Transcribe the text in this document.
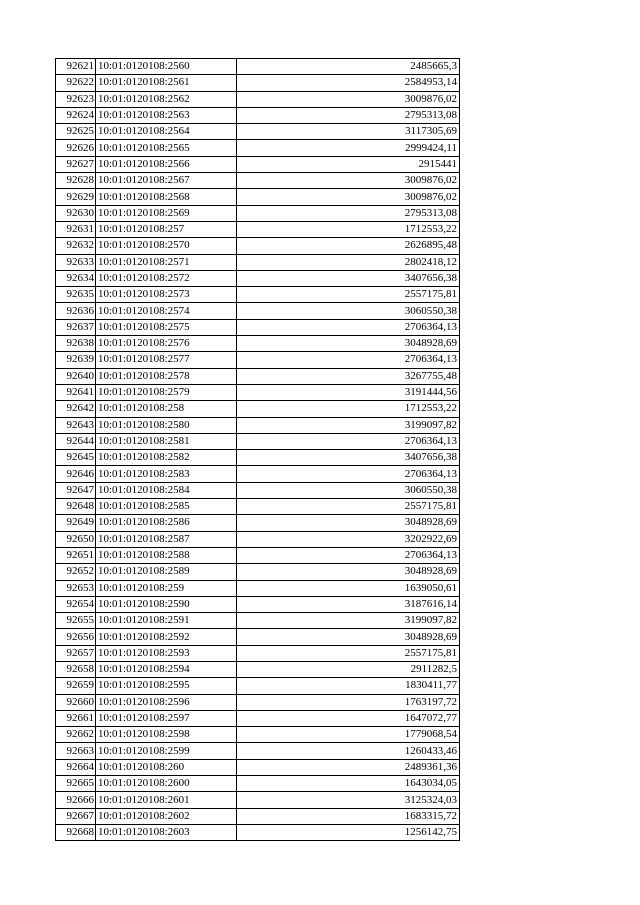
92621	10:01:0120108:2560	2485665,3
92622	10:01:0120108:2561	2584953,14
92623	10:01:0120108:2562	3009876,02
92624	10:01:0120108:2563	2795313,08
92625	10:01:0120108:2564	3117305,69
92626	10:01:0120108:2565	2999424,11
92627	10:01:0120108:2566	2915441
92628	10:01:0120108:2567	3009876,02
92629	10:01:0120108:2568	3009876,02
92630	10:01:0120108:2569	2795313,08
92631	10:01:0120108:257	1712553,22
92632	10:01:0120108:2570	2626895,48
92633	10:01:0120108:2571	2802418,12
92634	10:01:0120108:2572	3407656,38
92635	10:01:0120108:2573	2557175,81
92636	10:01:0120108:2574	3060550,38
92637	10:01:0120108:2575	2706364,13
92638	10:01:0120108:2576	3048928,69
92639	10:01:0120108:2577	2706364,13
92640	10:01:0120108:2578	3267755,48
92641	10:01:0120108:2579	3191444,56
92642	10:01:0120108:258	1712553,22
92643	10:01:0120108:2580	3199097,82
92644	10:01:0120108:2581	2706364,13
92645	10:01:0120108:2582	3407656,38
92646	10:01:0120108:2583	2706364,13
92647	10:01:0120108:2584	3060550,38
92648	10:01:0120108:2585	2557175,81
92649	10:01:0120108:2586	3048928,69
92650	10:01:0120108:2587	3202922,69
92651	10:01:0120108:2588	2706364,13
92652	10:01:0120108:2589	3048928,69
92653	10:01:0120108:259	1639050,61
92654	10:01:0120108:2590	3187616,14
92655	10:01:0120108:2591	3199097,82
92656	10:01:0120108:2592	3048928,69
92657	10:01:0120108:2593	2557175,81
92658	10:01:0120108:2594	2911282,5
92659	10:01:0120108:2595	1830411,77
92660	10:01:0120108:2596	1763197,72
92661	10:01:0120108:2597	1647072,77
92662	10:01:0120108:2598	1779068,54
92663	10:01:0120108:2599	1260433,46
92664	10:01:0120108:260	2489361,36
92665	10:01:0120108:2600	1643034,05
92666	10:01:0120108:2601	3125324,03
92667	10:01:0120108:2602	1683315,72
92668	10:01:0120108:2603	1256142,75
